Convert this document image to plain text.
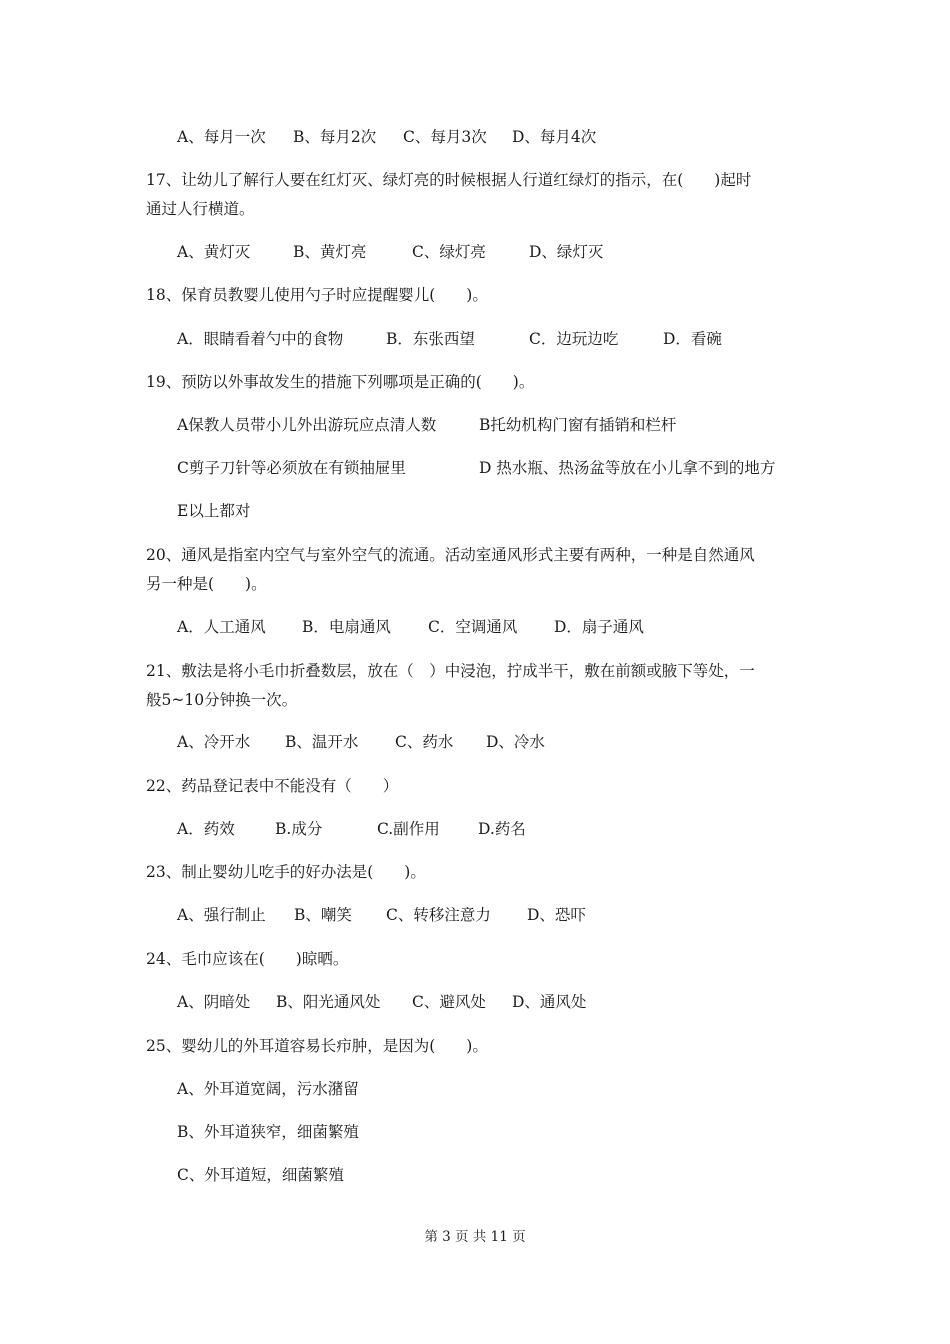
A、每月一次 B、每月2次 C、每月3次 D、每月4次
17、让幼儿了解行人要在红灯灭、绿灯亮的时候根据人行道红绿灯的指示，在(　　)起时
通过人行横道。
A、黄灯灭	B、黄灯亮	C、绿灯亮	D、绿灯灭
18、保育员教婴儿使用勺子时应提醒婴儿(　　)。
A．眼睛看着勺中的食物	B．东张西望	C．边玩边吃	D．看碗
19、预防以外事故发生的措施下列哪项是正确的(　　)。
A保教人员带小儿外出游玩应点清人数	B托幼机构门窗有插销和栏杆
C剪子刀针等必须放在有锁抽屉里	D 热水瓶、热汤盆等放在小儿拿不到的地方
E以上都对
20、通风是指室内空气与室外空气的流通。活动室通风形式主要有两种，一种是自然通风
另一种是(　　)。
A．人工通风 B．电扇通风 C．空调通风 D．扇子通风
21、敷法是将小毛巾折叠数层，放在（　）中浸泡，拧成半干，敷在前额或腋下等处，一
般5~10分钟换一次。
A、冷开水 B、温开水 C、药水 D、冷水
22、药品登记表中不能没有（　　）
A．药效	B.成分	C.副作用 D.药名
23、制止婴幼儿吃手的好办法是(　　)。
A、强行制止 B、嘲笑 C、转移注意力 D、恐吓
24、毛巾应该在(　　)晾晒。
A、阴暗处 B、阳光通风处 C、避风处 D、通风处
25、婴幼儿的外耳道容易长疖肿，是因为(　　)。
A、外耳道宽阔，污水潴留
B、外耳道狭窄，细菌繁殖
C、外耳道短，细菌繁殖
第 3 页 共 11 页
